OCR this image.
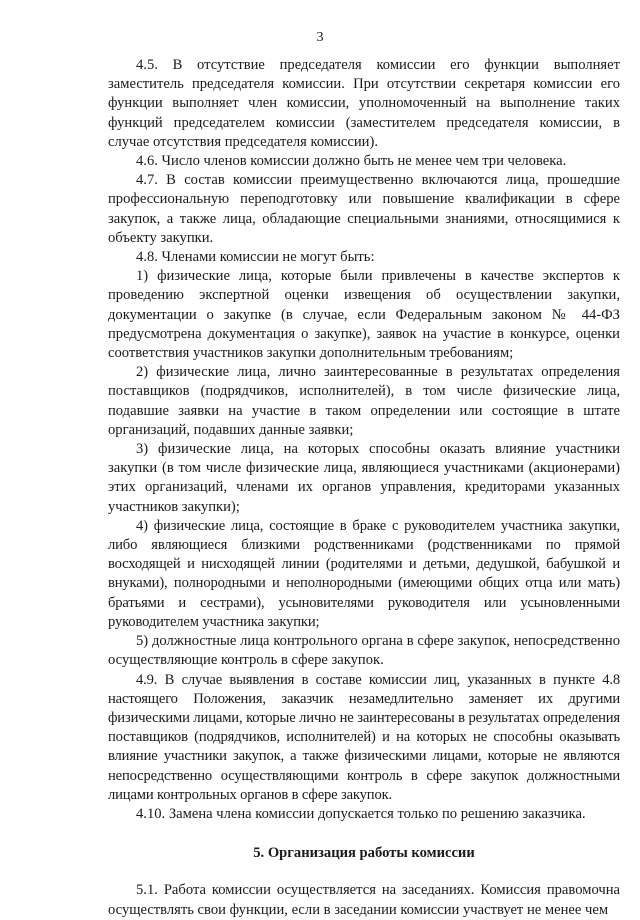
3

4.5. В отсутствие председателя комиссии его функции выполняет заместитель председателя комиссии. При отсутствии секретаря комиссии его функции выполняет член комиссии, уполномоченный на выполнение таких функций председателем комиссии (заместителем председателя комиссии, в случае отсутствия председателя комиссии).

4.6. Число членов комиссии должно быть не менее чем три человека.

4.7. В состав комиссии преимущественно включаются лица, прошедшие профессиональную переподготовку или повышение квалификации в сфере закупок, а также лица, обладающие специальными знаниями, относящимися к объекту закупки.

4.8. Членами комиссии не могут быть:

1) физические лица, которые были привлечены в качестве экспертов к проведению экспертной оценки извещения об осуществлении закупки, документации о закупке (в случае, если Федеральным законом № 44-ФЗ предусмотрена документация о закупке), заявок на участие в конкурсе, оценки соответствия участников закупки дополнительным требованиям;

2) физические лица, лично заинтересованные в результатах определения поставщиков (подрядчиков, исполнителей), в том числе физические лица, подавшие заявки на участие в таком определении или состоящие в штате организаций, подавших данные заявки;

3) физические лица, на которых способны оказать влияние участники закупки (в том числе физические лица, являющиеся участниками (акционерами) этих организаций, членами их органов управления, кредиторами указанных участников закупки);

4) физические лица, состоящие в браке с руководителем участника закупки, либо являющиеся близкими родственниками (родственниками по прямой восходящей и нисходящей линии (родителями и детьми, дедушкой, бабушкой и внуками), полнородными и неполнородными (имеющими общих отца или мать) братьями и сестрами), усыновителями руководителя или усыновленными руководителем участника закупки;

5) должностные лица контрольного органа в сфере закупок, непосредственно осуществляющие контроль в сфере закупок.

4.9. В случае выявления в составе комиссии лиц, указанных в пункте 4.8 настоящего Положения, заказчик незамедлительно заменяет их другими физическими лицами, которые лично не заинтересованы в результатах определения поставщиков (подрядчиков, исполнителей) и на которых не способны оказывать влияние участники закупок, а также физическими лицами, которые не являются непосредственно осуществляющими контроль в сфере закупок должностными лицами контрольных органов в сфере закупок.

4.10. Замена члена комиссии допускается только по решению заказчика.

5. Организация работы комиссии

5.1. Работа комиссии осуществляется на заседаниях. Комиссия правомочна осуществлять свои функции, если в заседании комиссии участвует не менее чем
